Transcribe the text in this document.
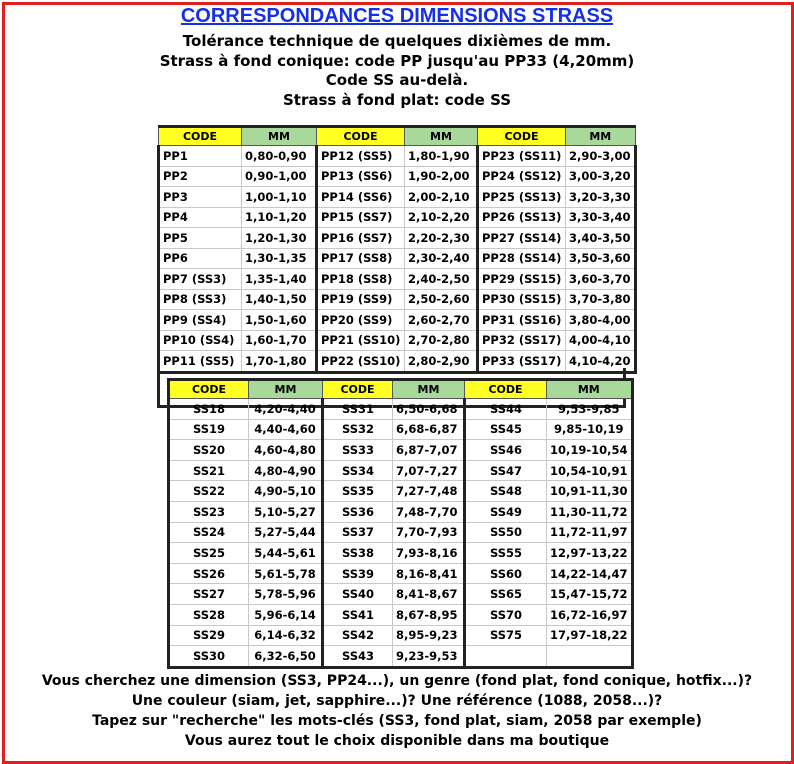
CORRESPONDANCES DIMENSIONS STRASS
Tolérance technique de quelques dixièmes de mm.
Strass à fond conique: code PP jusqu'au PP33 (4,20mm)
Code SS au-delà.
Strass à fond plat: code SS
CODE	MM	CODE	MM	CODE	MM
PP1	0,80-0,90	PP12 (SS5)	1,80-1,90	PP23 (SS11)	2,90-3,00
PP2	0,90-1,00	PP13 (SS6)	1,90-2,00	PP24 (SS12)	3,00-3,20
PP3	1,00-1,10	PP14 (SS6)	2,00-2,10	PP25 (SS13)	3,20-3,30
PP4	1,10-1,20	PP15 (SS7)	2,10-2,20	PP26 (SS13)	3,30-3,40
PP5	1,20-1,30	PP16 (SS7)	2,20-2,30	PP27 (SS14)	3,40-3,50
PP6	1,30-1,35	PP17 (SS8)	2,30-2,40	PP28 (SS14)	3,50-3,60
PP7 (SS3)	1,35-1,40	PP18 (SS8)	2,40-2,50	PP29 (SS15)	3,60-3,70
PP8 (SS3)	1,40-1,50	PP19 (SS9)	2,50-2,60	PP30 (SS15)	3,70-3,80
PP9 (SS4)	1,50-1,60	PP20 (SS9)	2,60-2,70	PP31 (SS16)	3,80-4,00
PP10 (SS4)	1,60-1,70	PP21 (SS10)	2,70-2,80	PP32 (SS17)	4,00-4,10
PP11 (SS5)	1,70-1,80	PP22 (SS10)	2,80-2,90	PP33 (SS17)	4,10-4,20
CODE	MM	CODE	MM	CODE	MM
SS18	4,20-4,40	SS31	6,50-6,68	SS44	9,53-9,85
SS19	4,40-4,60	SS32	6,68-6,87	SS45	9,85-10,19
SS20	4,60-4,80	SS33	6,87-7,07	SS46	10,19-10,54
SS21	4,80-4,90	SS34	7,07-7,27	SS47	10,54-10,91
SS22	4,90-5,10	SS35	7,27-7,48	SS48	10,91-11,30
SS23	5,10-5,27	SS36	7,48-7,70	SS49	11,30-11,72
SS24	5,27-5,44	SS37	7,70-7,93	SS50	11,72-11,97
SS25	5,44-5,61	SS38	7,93-8,16	SS55	12,97-13,22
SS26	5,61-5,78	SS39	8,16-8,41	SS60	14,22-14,47
SS27	5,78-5,96	SS40	8,41-8,67	SS65	15,47-15,72
SS28	5,96-6,14	SS41	8,67-8,95	SS70	16,72-16,97
SS29	6,14-6,32	SS42	8,95-9,23	SS75	17,97-18,22
SS30	6,32-6,50	SS43	9,23-9,53		
Vous cherchez une dimension (SS3, PP24...), un genre (fond plat, fond conique, hotfix...)?
Une couleur (siam, jet, sapphire...)? Une référence (1088, 2058...)?
Tapez sur "recherche" les mots-clés (SS3, fond plat, siam, 2058 par exemple)
Vous aurez tout le choix disponible dans ma boutique
